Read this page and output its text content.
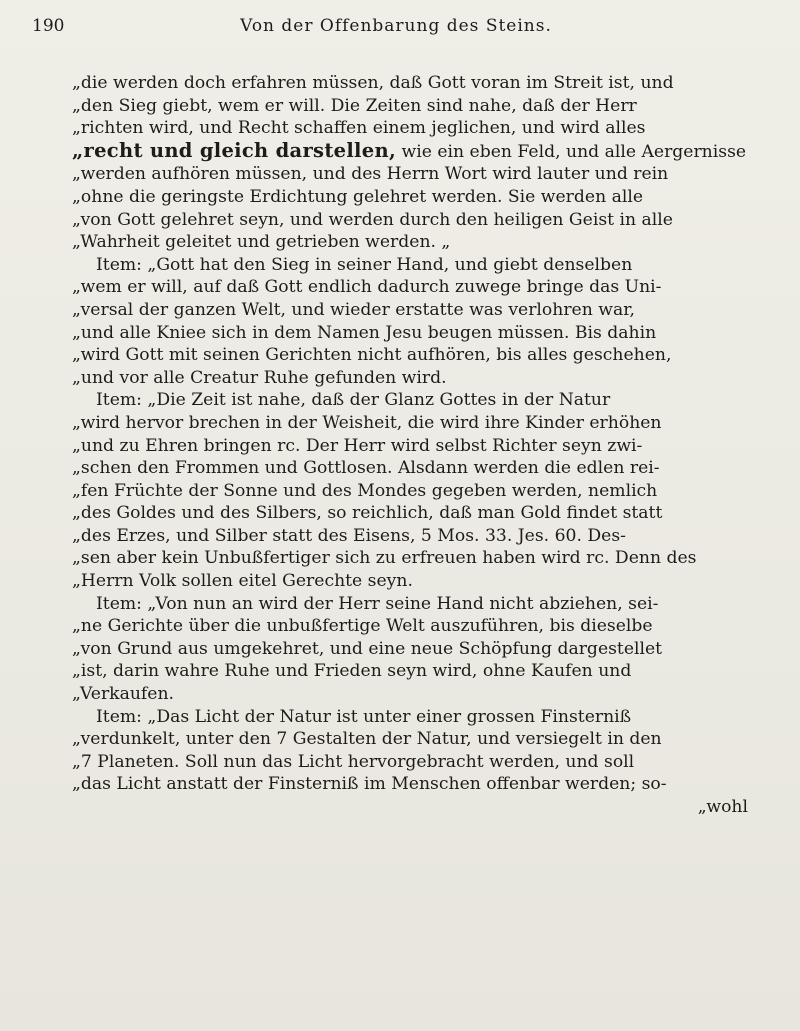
190	Von der Offenbarung des Steins.

„die werden doch erfahren müssen, daß Gott voran im Streit ist, und
„den Sieg giebt, wem er will. Die Zeiten sind nahe, daß der Herr
„richten wird, und Recht schaffen einem jeglichen, und wird alles
„recht und gleich darstellen, wie ein eben Feld, und alle Aergernisse
„werden aufhören müssen, und des Herrn Wort wird lauter und rein
„ohne die geringste Erdichtung gelehret werden. Sie werden alle
„von Gott gelehret seyn, und werden durch den heiligen Geist in alle
„Wahrheit geleitet und getrieben werden. „

Item: „Gott hat den Sieg in seiner Hand, und giebt denselben
„wem er will, auf daß Gott endlich dadurch zuwege bringe das Uni-
„versal der ganzen Welt, und wieder erstatte was verlohren war,
„und alle Kniee sich in dem Namen Jesu beugen müssen. Bis dahin
„wird Gott mit seinen Gerichten nicht aufhören, bis alles geschehen,
„und vor alle Creatur Ruhe gefunden wird.

Item: „Die Zeit ist nahe, daß der Glanz Gottes in der Natur
„wird hervor brechen in der Weisheit, die wird ihre Kinder erhöhen
„und zu Ehren bringen rc. Der Herr wird selbst Richter seyn zwi-
„schen den Frommen und Gottlosen. Alsdann werden die edlen rei-
„fen Früchte der Sonne und des Mondes gegeben werden, nemlich
„des Goldes und des Silbers, so reichlich, daß man Gold findet statt
„des Erzes, und Silber statt des Eisens, 5 Mos. 33. Jes. 60. Des-
„sen aber kein Unbußfertiger sich zu erfreuen haben wird rc. Denn des
„Herrn Volk sollen eitel Gerechte seyn.

Item: „Von nun an wird der Herr seine Hand nicht abziehen, sei-
„ne Gerichte über die unbußfertige Welt auszuführen, bis dieselbe
„von Grund aus umgekehret, und eine neue Schöpfung dargestellet
„ist, darin wahre Ruhe und Frieden seyn wird, ohne Kaufen und
„Verkaufen.

Item: „Das Licht der Natur ist unter einer grossen Finsterniß
„verdunkelt, unter den 7 Gestalten der Natur, und versiegelt in den
„7 Planeten. Soll nun das Licht hervorgebracht werden, und soll
„das Licht anstatt der Finsterniß im Menschen offenbar werden; so-

„wohl
